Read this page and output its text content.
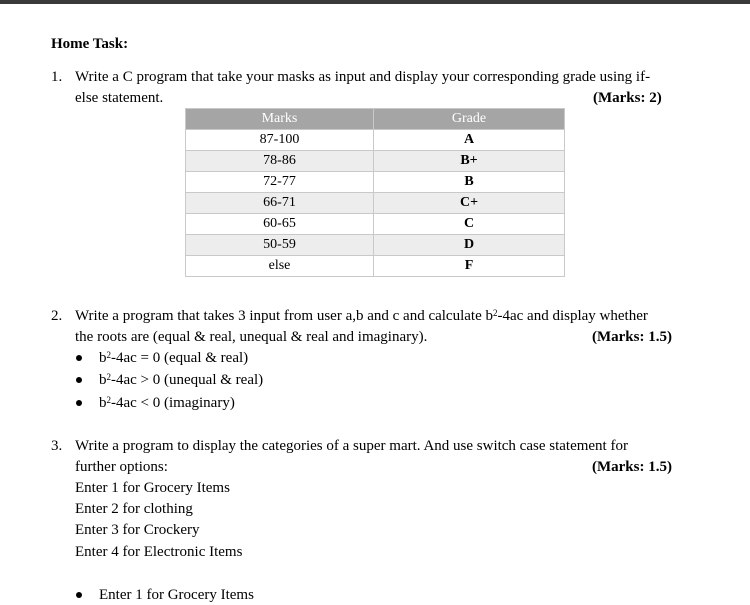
Home Task:
1. Write a C program that take your masks as input and display your corresponding grade using if-
else statement.	(Marks: 2)
Marks	Grade
87-100	A
78-86	B+
72-77	B
66-71	C+
60-65	C
50-59	D
else	F
2. Write a program that takes 3 input from user a,b and c and calculate $b^2-4ac$ and display whether
the roots are (equal & real, unequal & real and imaginary).	(Marks: 1.5)
$b^2-4ac = 0$ (equal & real)
$b^2-4ac > 0$ (unequal & real)
$b^2-4ac < 0$ (imaginary)
3. Write a program to display the categories of a super mart. And use switch case statement for
further options:	(Marks: 1.5)
Enter 1 for Grocery Items
Enter 2 for clothing
Enter 3 for Crockery
Enter 4 for Electronic Items
Enter 1 for Grocery Items
